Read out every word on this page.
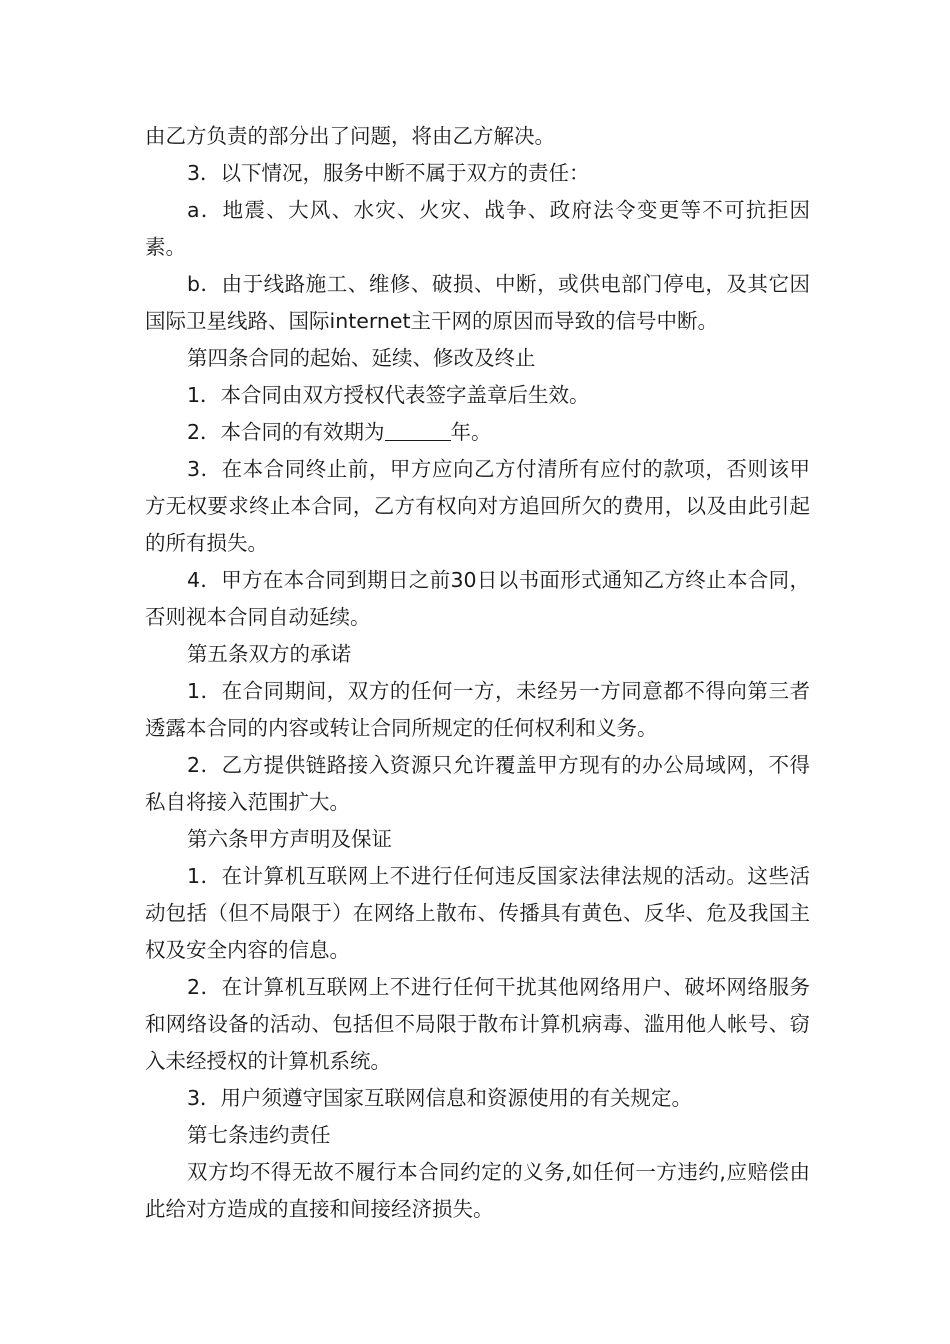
由乙方负责的部分出了问题，将由乙方解决。

3．以下情况，服务中断不属于双方的责任：

a．地震、大风、水灾、火灾、战争、政府法令变更等不可抗拒因素。

b．由于线路施工、维修、破损、中断，或供电部门停电，及其它因国际卫星线路、国际internet主干网的原因而导致的信号中断。

第四条合同的起始、延续、修改及终止

1．本合同由双方授权代表签字盖章后生效。

2．本合同的有效期为	年。

3．在本合同终止前，甲方应向乙方付清所有应付的款项，否则该甲方无权要求终止本合同，乙方有权向对方追回所欠的费用，以及由此引起的所有损失。

4．甲方在本合同到期日之前30日以书面形式通知乙方终止本合同，否则视本合同自动延续。

第五条双方的承诺

1．在合同期间，双方的任何一方，未经另一方同意都不得向第三者透露本合同的内容或转让合同所规定的任何权利和义务。

2．乙方提供链路接入资源只允许覆盖甲方现有的办公局域网，不得私自将接入范围扩大。

第六条甲方声明及保证

1．在计算机互联网上不进行任何违反国家法律法规的活动。这些活动包括（但不局限于）在网络上散布、传播具有黄色、反华、危及我国主权及安全内容的信息。

2．在计算机互联网上不进行任何干扰其他网络用户、破坏网络服务和网络设备的活动、包括但不局限于散布计算机病毒、滥用他人帐号、窃入未经授权的计算机系统。

3．用户须遵守国家互联网信息和资源使用的有关规定。

第七条违约责任

双方均不得无故不履行本合同约定的义务,如任何一方违约,应赔偿由此给对方造成的直接和间接经济损失。
